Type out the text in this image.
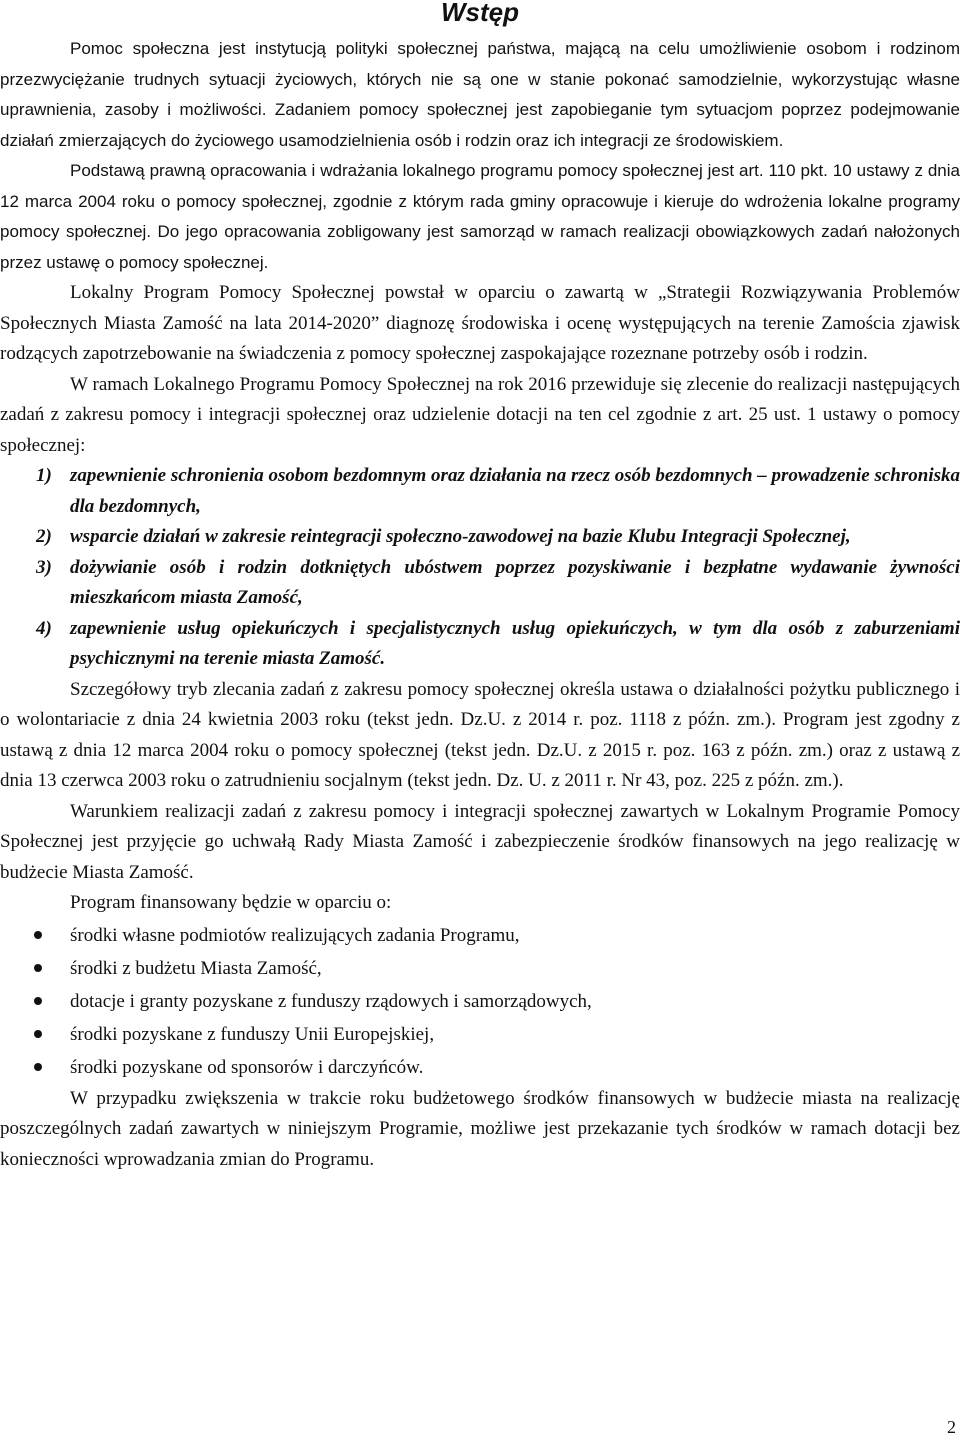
Wstęp

Pomoc społeczna jest instytucją polityki społecznej państwa, mającą na celu umożliwienie osobom i rodzinom przezwyciężanie trudnych sytuacji życiowych, których nie są one w stanie pokonać samodzielnie, wykorzystując własne uprawnienia, zasoby i możliwości. Zadaniem pomocy społecznej jest zapobieganie tym sytuacjom poprzez podejmowanie działań zmierzających do życiowego usamodzielnienia osób i rodzin oraz ich integracji ze środowiskiem.

Podstawą prawną opracowania i wdrażania lokalnego programu pomocy społecznej jest art. 110 pkt. 10 ustawy z dnia 12 marca 2004 roku o pomocy społecznej, zgodnie z którym rada gminy opracowuje i kieruje do wdrożenia lokalne programy pomocy społecznej. Do jego opracowania zobligowany jest samorząd w ramach realizacji obowiązkowych zadań nałożonych przez ustawę o pomocy społecznej.

Lokalny Program Pomocy Społecznej powstał w oparciu o zawartą w „Strategii Rozwiązywania Problemów Społecznych Miasta Zamość na lata 2014-2020” diagnozę środowiska i ocenę występujących na terenie Zamościa zjawisk rodzących zapotrzebowanie na świadczenia z pomocy społecznej zaspokajające rozeznane potrzeby osób i rodzin.

W ramach Lokalnego Programu Pomocy Społecznej na rok 2016 przewiduje się zlecenie do realizacji następujących zadań z zakresu pomocy i integracji społecznej oraz udzielenie dotacji na ten cel zgodnie z art. 25 ust. 1 ustawy o pomocy społecznej:

1) zapewnienie schronienia osobom bezdomnym oraz działania na rzecz osób bezdomnych – prowadzenie schroniska dla bezdomnych,

2) wsparcie działań w zakresie reintegracji społeczno-zawodowej na bazie Klubu Integracji Społecznej,

3) dożywianie osób i rodzin dotkniętych ubóstwem poprzez pozyskiwanie i bezpłatne wydawanie żywności mieszkańcom miasta Zamość,

4) zapewnienie usług opiekuńczych i specjalistycznych usług opiekuńczych, w tym dla osób z zaburzeniami psychicznymi na terenie miasta Zamość.

Szczegółowy tryb zlecania zadań z zakresu pomocy społecznej określa ustawa o działalności pożytku publicznego i o wolontariacie z dnia 24 kwietnia 2003 roku (tekst jedn. Dz.U. z 2014 r. poz. 1118 z późn. zm.). Program jest zgodny z ustawą z dnia 12 marca 2004 roku o pomocy społecznej (tekst jedn. Dz.U. z 2015 r. poz. 163 z późn. zm.) oraz z ustawą z dnia 13 czerwca 2003 roku o zatrudnieniu socjalnym (tekst jedn. Dz. U. z 2011 r. Nr 43, poz. 225 z późn. zm.).

Warunkiem realizacji zadań z zakresu pomocy i integracji społecznej zawartych w Lokalnym Programie Pomocy Społecznej jest przyjęcie go uchwałą Rady Miasta Zamość i zabezpieczenie środków finansowych na jego realizację w budżecie Miasta Zamość.

Program finansowany będzie w oparciu o:

środki własne podmiotów realizujących zadania Programu,

środki z budżetu Miasta Zamość,

dotacje i granty pozyskane z funduszy rządowych i samorządowych,

środki pozyskane z funduszy Unii Europejskiej,

środki pozyskane od sponsorów i darczyńców.

W przypadku zwiększenia w trakcie roku budżetowego środków finansowych w budżecie miasta na realizację poszczególnych zadań zawartych w niniejszym Programie, możliwe jest przekazanie tych środków w ramach dotacji bez konieczności wprowadzania zmian do Programu.

2
